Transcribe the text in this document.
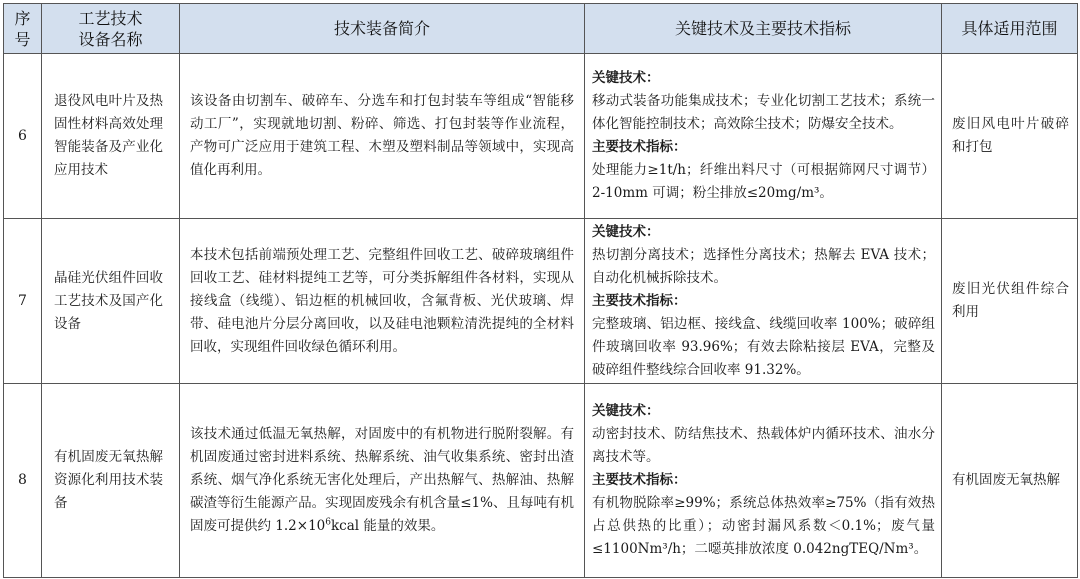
序号	工艺技术设备名称	技术装备简介	关键技术及主要技术指标	具体适用范围
6	退役风电叶片及热固性材料高效处理智能装备及产业化应用技术	该设备由切割车、破碎车、分选车和打包封装车等组成“智能移动工厂”，实现就地切割、粉碎、筛选、打包封装等作业流程，产物可广泛应用于建筑工程、木塑及塑料制品等领域中，实现高值化再利用。	关键技术：
移动式装备功能集成技术；专业化切割工艺技术；系统一体化智能控制技术；高效除尘技术；防爆安全技术。
主要技术指标：
处理能力≥1t/h；纤维出料尺寸（可根据筛网尺寸调节）2-10mm 可调；粉尘排放≤20mg/m³。	废旧风电叶片破碎和打包
7	晶硅光伏组件回收工艺技术及国产化设备	本技术包括前端预处理工艺、完整组件回收工艺、破碎玻璃组件回收工艺、硅材料提纯工艺等，可分类拆解组件各材料，实现从接线盒（线缆）、铝边框的机械回收，含氟背板、光伏玻璃、焊带、硅电池片分层分离回收，以及硅电池颗粒清洗提纯的全材料回收，实现组件回收绿色循环利用。	关键技术：
热切割分离技术；选择性分离技术；热解去 EVA 技术；自动化机械拆除技术。
主要技术指标：
完整玻璃、铝边框、接线盒、线缆回收率 100%；破碎组件玻璃回收率 93.96%；有效去除粘接层 EVA，完整及破碎组件整线综合回收率 91.32%。	废旧光伏组件综合利用
8	有机固废无氧热解资源化利用技术装备	该技术通过低温无氧热解，对固废中的有机物进行脱附裂解。有机固废通过密封进料系统、热解系统、油气收集系统、密封出渣系统、烟气净化系统无害化处理后，产出热解气、热解油、热解碳渣等衍生能源产品。实现固废残余有机含量≤1%、且每吨有机固废可提供约 $1.2\times 10^6kcal$ 能量的效果。	关键技术：
动密封技术、防结焦技术、热载体炉内循环技术、油水分离技术等。
主要技术指标：
有机物脱除率≥99%；系统总体热效率≥75%（指有效热占总供热的比重）；动密封漏风系数＜0.1%；废气量≤1100Nm³/h；二噁英排放浓度 0.042ngTEQ/Nm³。	有机固废无氧热解
